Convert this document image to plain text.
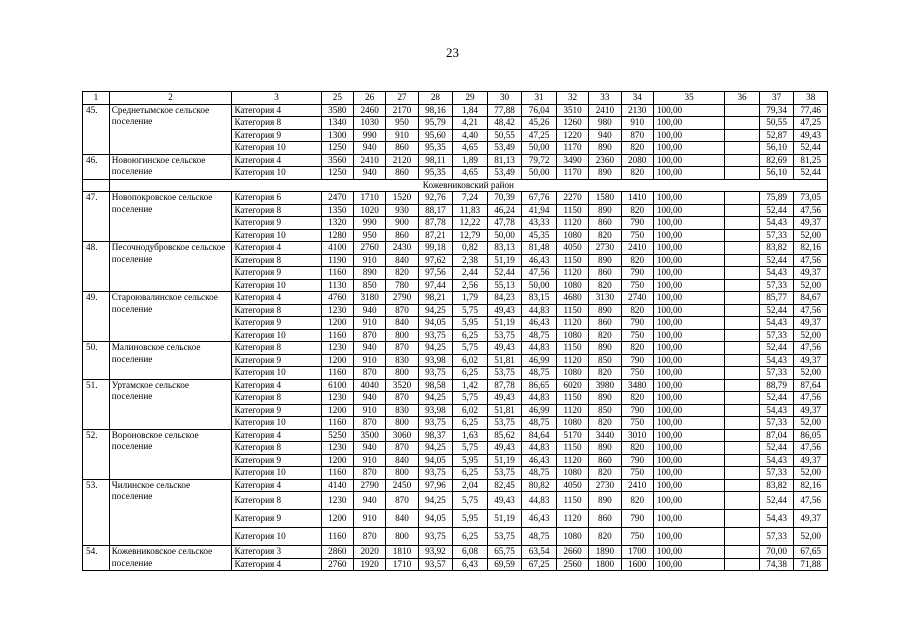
23
1	2	3	25	26	27	28	29	30	31	32	33	34	35	36	37	38
45.	Среднетымское сельское поселение	Категория 4	3580	2460	2170	98,16	1,84	77,88	76,04	3510	2410	2130	100,00		79,34	77,46
		Категория 8	1340	1030	950	95,79	4,21	48,42	45,26	1260	980	910	100,00		50,55	47,25
		Категория 9	1300	990	910	95,60	4,40	50,55	47,25	1220	940	870	100,00		52,87	49,43
		Категория 10	1250	940	860	95,35	4,65	53,49	50,00	1170	890	820	100,00		56,10	52,44
46.	Новоюгинское сельское поселение	Категория 4	3560	2410	2120	98,11	1,89	81,13	79,72	3490	2360	2080	100,00		82,69	81,25
		Категория 10	1250	940	860	95,35	4,65	53,49	50,00	1170	890	820	100,00		56,10	52,44
	Кожевниковский район															
47.	Новопокровское сельское поселение	Категория 6	2470	1710	1520	92,76	7,24	70,39	67,76	2270	1580	1410	100,00		75,89	73,05
		Категория 8	1350	1020	930	88,17	11,83	46,24	41,94	1150	890	820	100,00		52,44	47,56
		Категория 9	1320	990	900	87,78	12,22	47,78	43,33	1120	860	790	100,00		54,43	49,37
		Категория 10	1280	950	860	87,21	12,79	50,00	45,35	1080	820	750	100,00		57,33	52,00
48.	Песочнодубровское сельское поселение	Категория 4	4100	2760	2430	99,18	0,82	83,13	81,48	4050	2730	2410	100,00		83,82	82,16
		Категория 8	1190	910	840	97,62	2,38	51,19	46,43	1150	890	820	100,00		52,44	47,56
		Категория 9	1160	890	820	97,56	2,44	52,44	47,56	1120	860	790	100,00		54,43	49,37
		Категория 10	1130	850	780	97,44	2,56	55,13	50,00	1080	820	750	100,00		57,33	52,00
49.	Староювалинское сельское поселение	Категория 4	4760	3180	2790	98,21	1,79	84,23	83,15	4680	3130	2740	100,00		85,77	84,67
		Категория 8	1230	940	870	94,25	5,75	49,43	44,83	1150	890	820	100,00		52,44	47,56
		Категория 9	1200	910	840	94,05	5,95	51,19	46,43	1120	860	790	100,00		54,43	49,37
		Категория 10	1160	870	800	93,75	6,25	53,75	48,75	1080	820	750	100,00		57,33	52,00
50.	Малиновское сельское поселение	Категория 8	1230	940	870	94,25	5,75	49,43	44,83	1150	890	820	100,00		52,44	47,56
		Категория 9	1200	910	830	93,98	6,02	51,81	46,99	1120	850	790	100,00		54,43	49,37
		Категория 10	1160	870	800	93,75	6,25	53,75	48,75	1080	820	750	100,00		57,33	52,00
51.	Уртамское сельское поселение	Категория 4	6100	4040	3520	98,58	1,42	87,78	86,65	6020	3980	3480	100,00		88,79	87,64
		Категория 8	1230	940	870	94,25	5,75	49,43	44,83	1150	890	820	100,00		52,44	47,56
		Категория 9	1200	910	830	93,98	6,02	51,81	46,99	1120	850	790	100,00		54,43	49,37
		Категория 10	1160	870	800	93,75	6,25	53,75	48,75	1080	820	750	100,00		57,33	52,00
52.	Вороновское сельское поселение	Категория 4	5250	3500	3060	98,37	1,63	85,62	84,64	5170	3440	3010	100,00		87,04	86,05
		Категория 8	1230	940	870	94,25	5,75	49,43	44,83	1150	890	820	100,00		52,44	47,56
		Категория 9	1200	910	840	94,05	5,95	51,19	46,43	1120	860	790	100,00		54,43	49,37
		Категория 10	1160	870	800	93,75	6,25	53,75	48,75	1080	820	750	100,00		57,33	52,00
53.	Чилинское сельское поселение	Категория 4	4140	2790	2450	97,96	2,04	82,45	80,82	4050	2730	2410	100,00		83,82	82,16
		Категория 8	1230	940	870	94,25	5,75	49,43	44,83	1150	890	820	100,00		52,44	47,56
		Категория 9	1200	910	840	94,05	5,95	51,19	46,43	1120	860	790	100,00		54,43	49,37
		Категория 10	1160	870	800	93,75	6,25	53,75	48,75	1080	820	750	100,00		57,33	52,00
54.	Кожевниковское сельское поселение	Категория 3	2860	2020	1810	93,92	6,08	65,75	63,54	2660	1890	1700	100,00		70,00	67,65
		Категория 4	2760	1920	1710	93,57	6,43	69,59	67,25	2560	1800	1600	100,00		74,38	71,88
